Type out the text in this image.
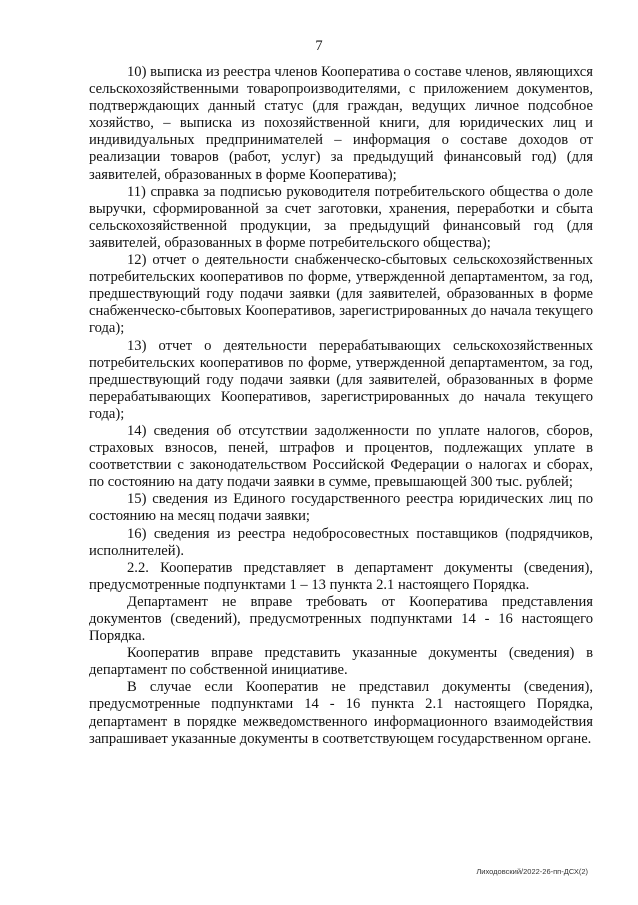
7

10) выписка из реестра членов Кооператива о составе членов, являющихся сельскохозяйственными товаропроизводителями, с приложением документов, подтверждающих данный статус (для граждан, ведущих личное подсобное хозяйство, – выписка из похозяйственной книги, для юридических лиц и индивидуальных предпринимателей – информация о составе доходов от реализации товаров (работ, услуг) за предыдущий финансовый год) (для заявителей, образованных в форме Кооператива);

11) справка за подписью руководителя потребительского общества о доле выручки, сформированной за счет заготовки, хранения, переработки и сбыта сельскохозяйственной продукции, за предыдущий финансовый год (для заявителей, образованных в форме потребительского общества);

12) отчет о деятельности снабженческо-сбытовых сельскохозяйственных потребительских кооперативов по форме, утвержденной департаментом, за год, предшествующий году подачи заявки (для заявителей, образованных в форме снабженческо-сбытовых Кооперативов, зарегистрированных до начала текущего года);

13) отчет о деятельности перерабатывающих сельскохозяйственных потребительских кооперативов по форме, утвержденной департаментом, за год, предшествующий году подачи заявки (для заявителей, образованных в форме перерабатывающих Кооперативов, зарегистрированных до начала текущего года);

14) сведения об отсутствии задолженности по уплате налогов, сборов, страховых взносов, пеней, штрафов и процентов, подлежащих уплате в соответствии с законодательством Российской Федерации о налогах и сборах, по состоянию на дату подачи заявки в сумме, превышающей 300 тыс. рублей;

15) сведения из Единого государственного реестра юридических лиц по состоянию на месяц подачи заявки;

16) сведения из реестра недобросовестных поставщиков (подрядчиков, исполнителей).

2.2. Кооператив представляет в департамент документы (сведения), предусмотренные подпунктами 1 – 13 пункта 2.1 настоящего Порядка.

Департамент не вправе требовать от Кооператива представления документов (сведений), предусмотренных подпунктами 14 - 16 настоящего Порядка.

Кооператив вправе представить указанные документы (сведения) в департамент по собственной инициативе.

В случае если Кооператив не представил документы (сведения), предусмотренные подпунктами 14 - 16 пункта 2.1 настоящего Порядка, департамент в порядке межведомственного информационного взаимодействия запрашивает указанные документы в соответствующем государственном органе.

Лиходовский/2022-26-пп-ДСХ(2)
